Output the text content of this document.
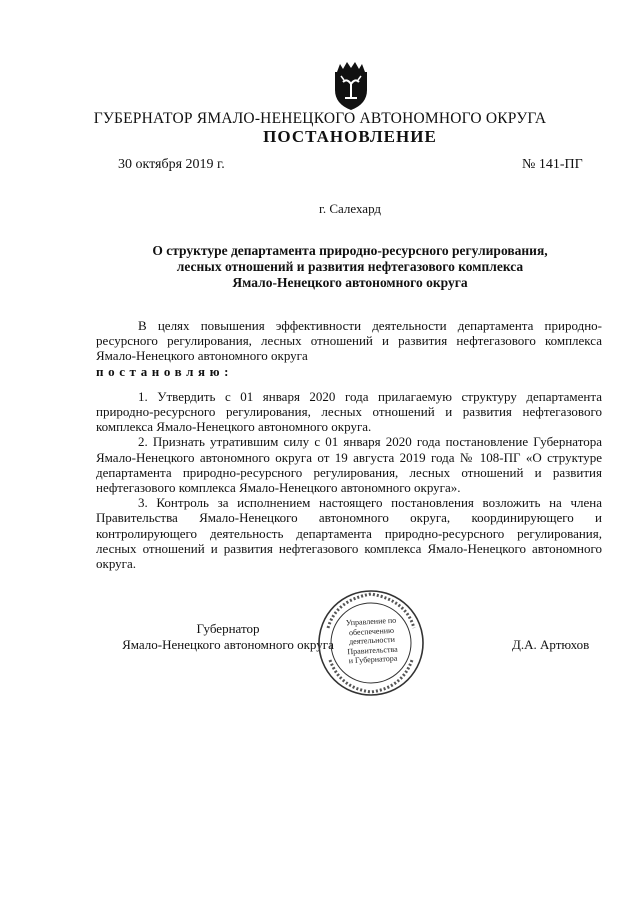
ГУБЕРНАТОР ЯМАЛО-НЕНЕЦКОГО АВТОНОМНОГО ОКРУГА
ПОСТАНОВЛЕНИЕ
30 октября 2019 г.	№ 141-ПГ
г. Салехард
О структуре департамента природно-ресурсного регулирования,
лесных отношений и развития нефтегазового комплекса
Ямало-Ненецкого автономного округа

В целях повышения эффективности деятельности департамента природно-ресурсного регулирования, лесных отношений и развития нефтегазового комплекса Ямало-Ненецкого автономного округа

постановляю:

1. Утвердить с 01 января 2020 года прилагаемую структуру департамента природно-ресурсного регулирования, лесных отношений и развития нефтегазового комплекса Ямало-Ненецкого автономного округа.

2. Признать утратившим силу с 01 января 2020 года постановление Губернатора Ямало-Ненецкого автономного округа от 19 августа 2019 года № 108-ПГ «О структуре департамента природно-ресурсного регулирования, лесных отношений и развития нефтегазового комплекса Ямало-Ненецкого автономного округа».

3. Контроль за исполнением настоящего постановления возложить на члена Правительства Ямало-Ненецкого автономного округа, координирующего и контролирующего деятельность департамента природно-ресурсного регулирования, лесных отношений и развития нефтегазового комплекса Ямало-Ненецкого автономного округа.

Губернатор
Ямало-Ненецкого автономного округа
Управление по
обеспечению
деятельности
Правительства
и Губернатора
Д.А. Артюхов
